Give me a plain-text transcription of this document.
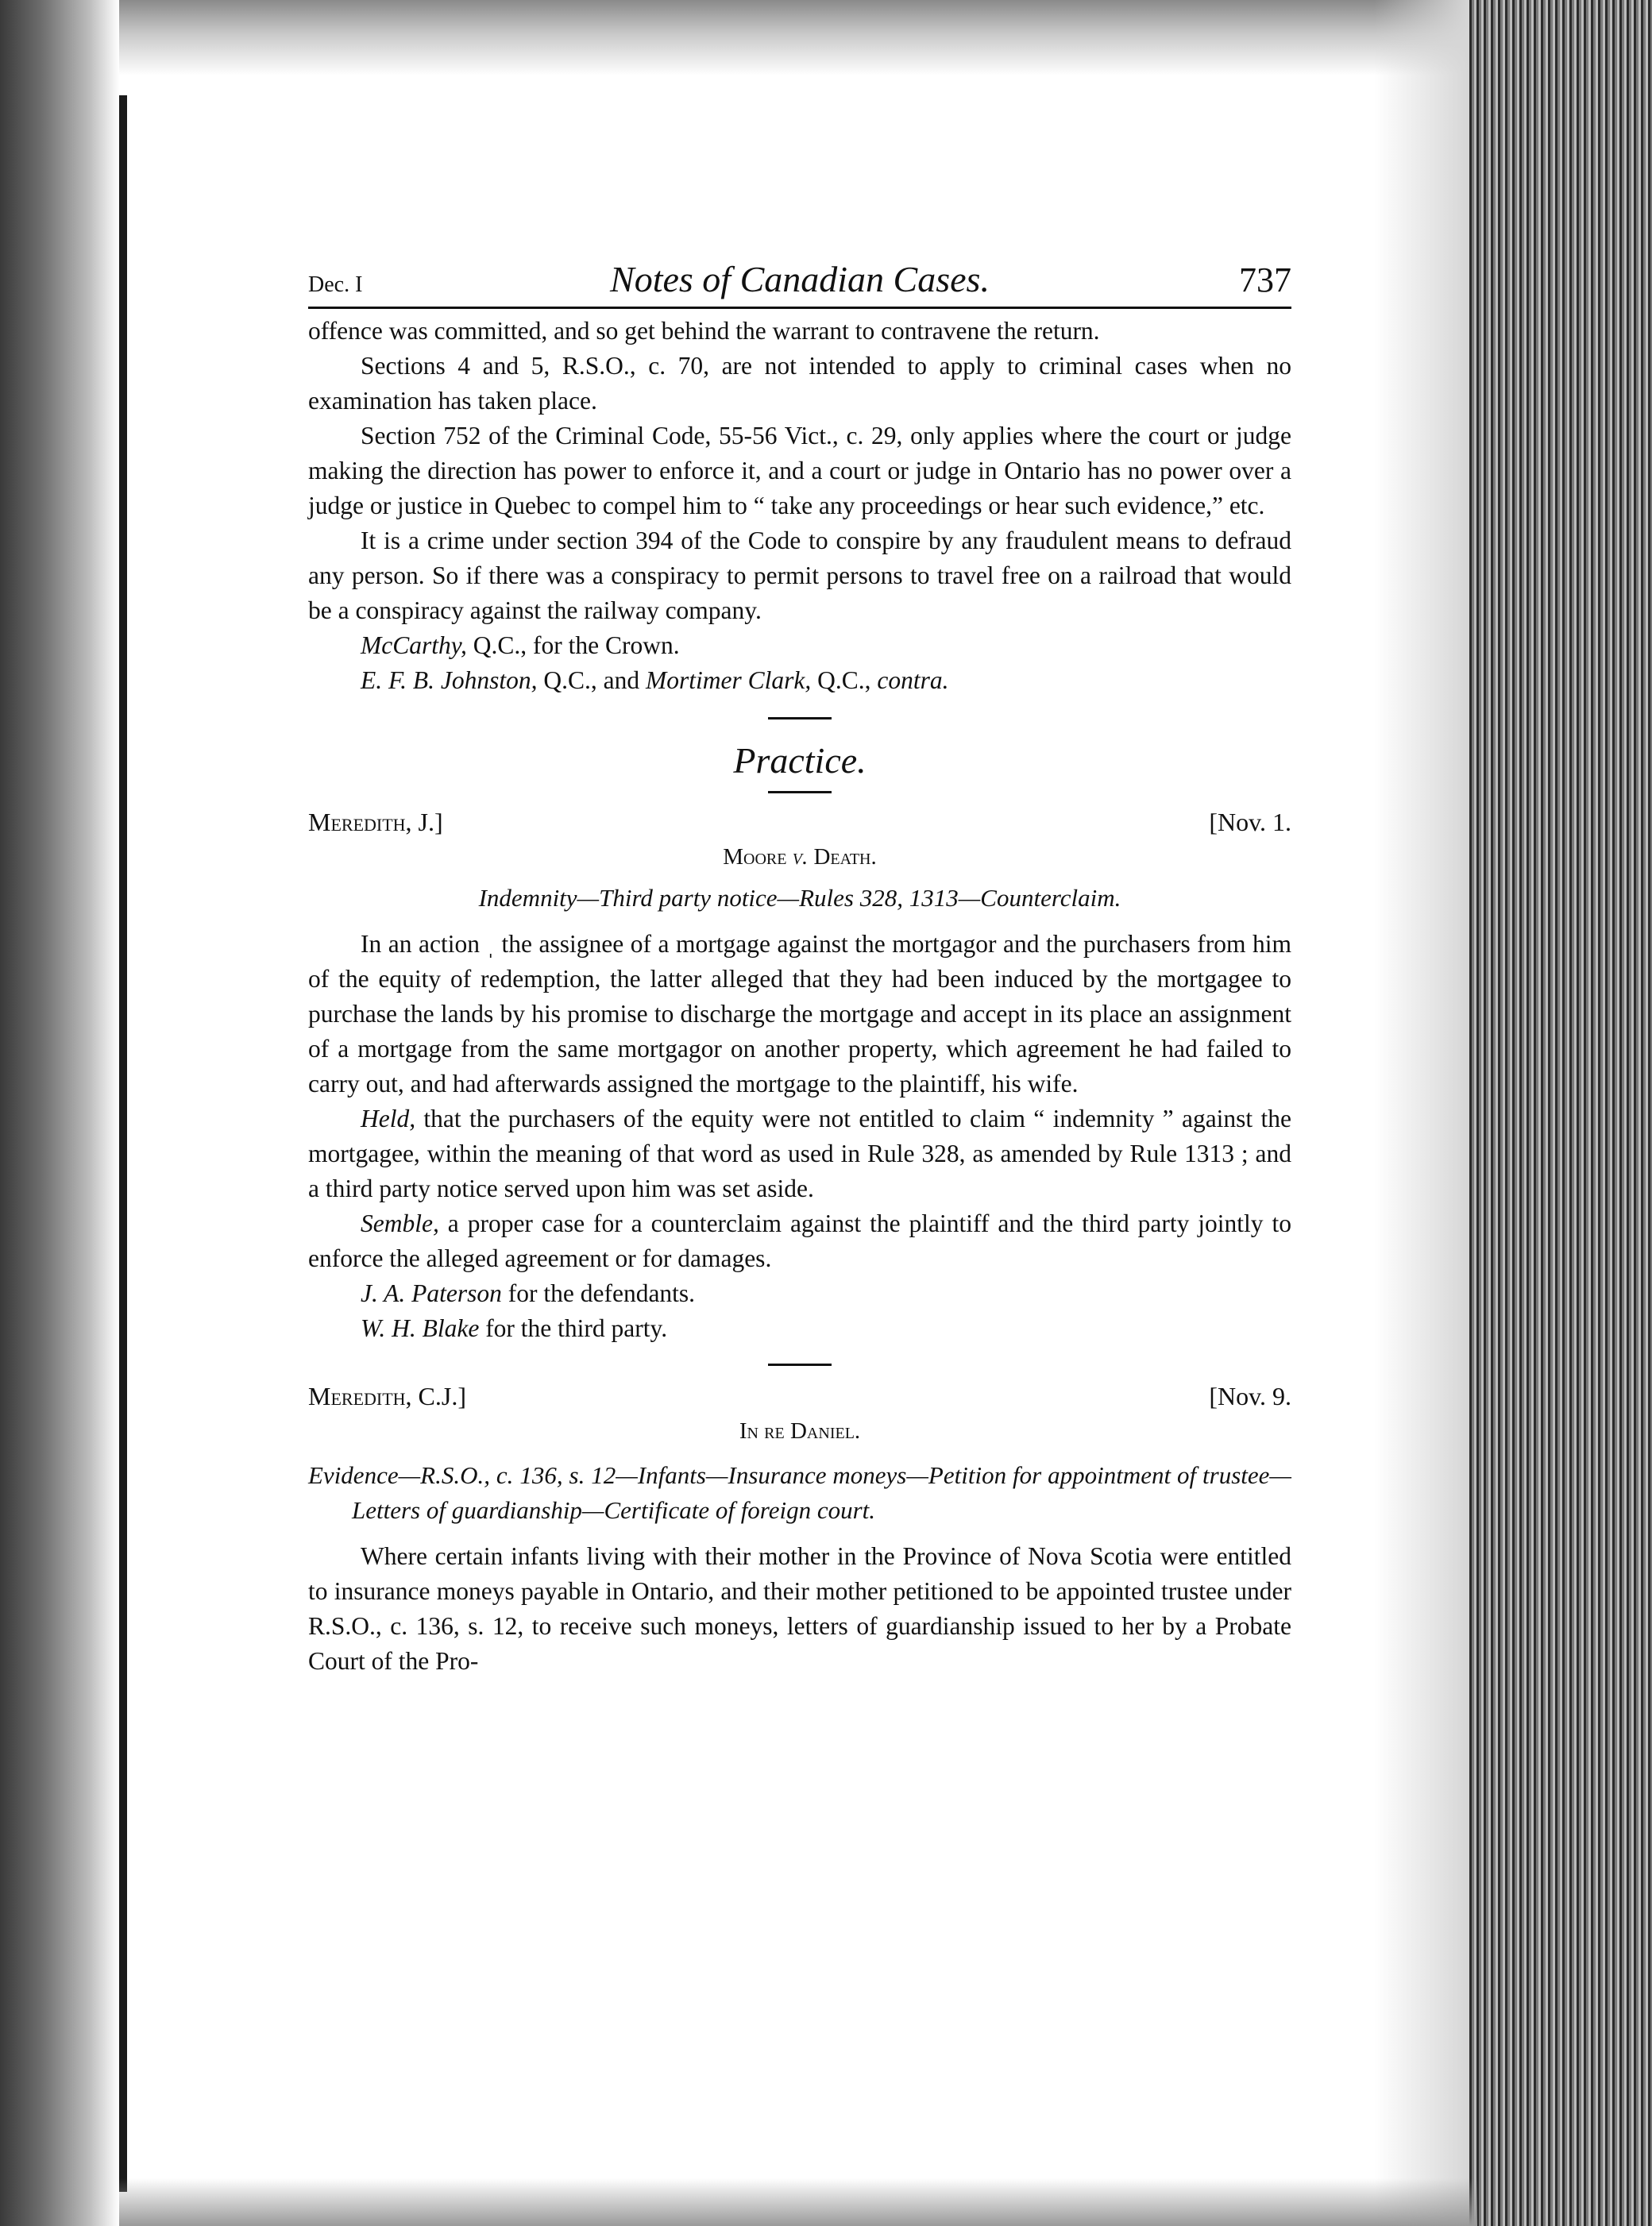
Dec. I	Notes of Canadian Cases.	737

offence was committed, and so get behind the warrant to contravene the return.

Sections 4 and 5, R.S.O., c. 70, are not intended to apply to criminal cases when no examination has taken place.

Section 752 of the Criminal Code, 55-56 Vict., c. 29, only applies where the court or judge making the direction has power to enforce it, and a court or judge in Ontario has no power over a judge or justice in Quebec to compel him to “ take any proceedings or hear such evidence,” etc.

It is a crime under section 394 of the Code to conspire by any fraudulent means to defraud any person. So if there was a conspiracy to permit persons to travel free on a railroad that would be a conspiracy against the railway company.

McCarthy, Q.C., for the Crown.

E. F. B. Johnston, Q.C., and Mortimer Clark, Q.C., contra.

Practice.
Meredith, J.]	[Nov. 1.
Moore v. Death.

Indemnity—Third party notice—Rules 328, 1313—Counterclaim.

In an action ˌ the assignee of a mortgage against the mortgagor and the purchasers from him of the equity of redemption, the latter alleged that they had been induced by the mortgagee to purchase the lands by his promise to discharge the mortgage and accept in its place an assignment of a mortgage from the same mortgagor on another property, which agreement he had failed to carry out, and had afterwards assigned the mortgage to the plaintiff, his wife.

Held, that the purchasers of the equity were not entitled to claim “ indemnity ” against the mortgagee, within the meaning of that word as used in Rule 328, as amended by Rule 1313 ; and a third party notice served upon him was set aside.

Semble, a proper case for a counterclaim against the plaintiff and the third party jointly to enforce the alleged agreement or for damages.

J. A. Paterson for the defendants.

W. H. Blake for the third party.

Meredith, C.J.]	[Nov. 9.
In re Daniel.

Evidence—R.S.O., c. 136, s. 12—Infants—Insurance moneys—Petition for appointment of trustee—Letters of guardianship—Certificate of foreign court.

Where certain infants living with their mother in the Province of Nova Scotia were entitled to insurance moneys payable in Ontario, and their mother petitioned to be appointed trustee under R.S.O., c. 136, s. 12, to receive such moneys, letters of guardianship issued to her by a Probate Court of the Pro-
